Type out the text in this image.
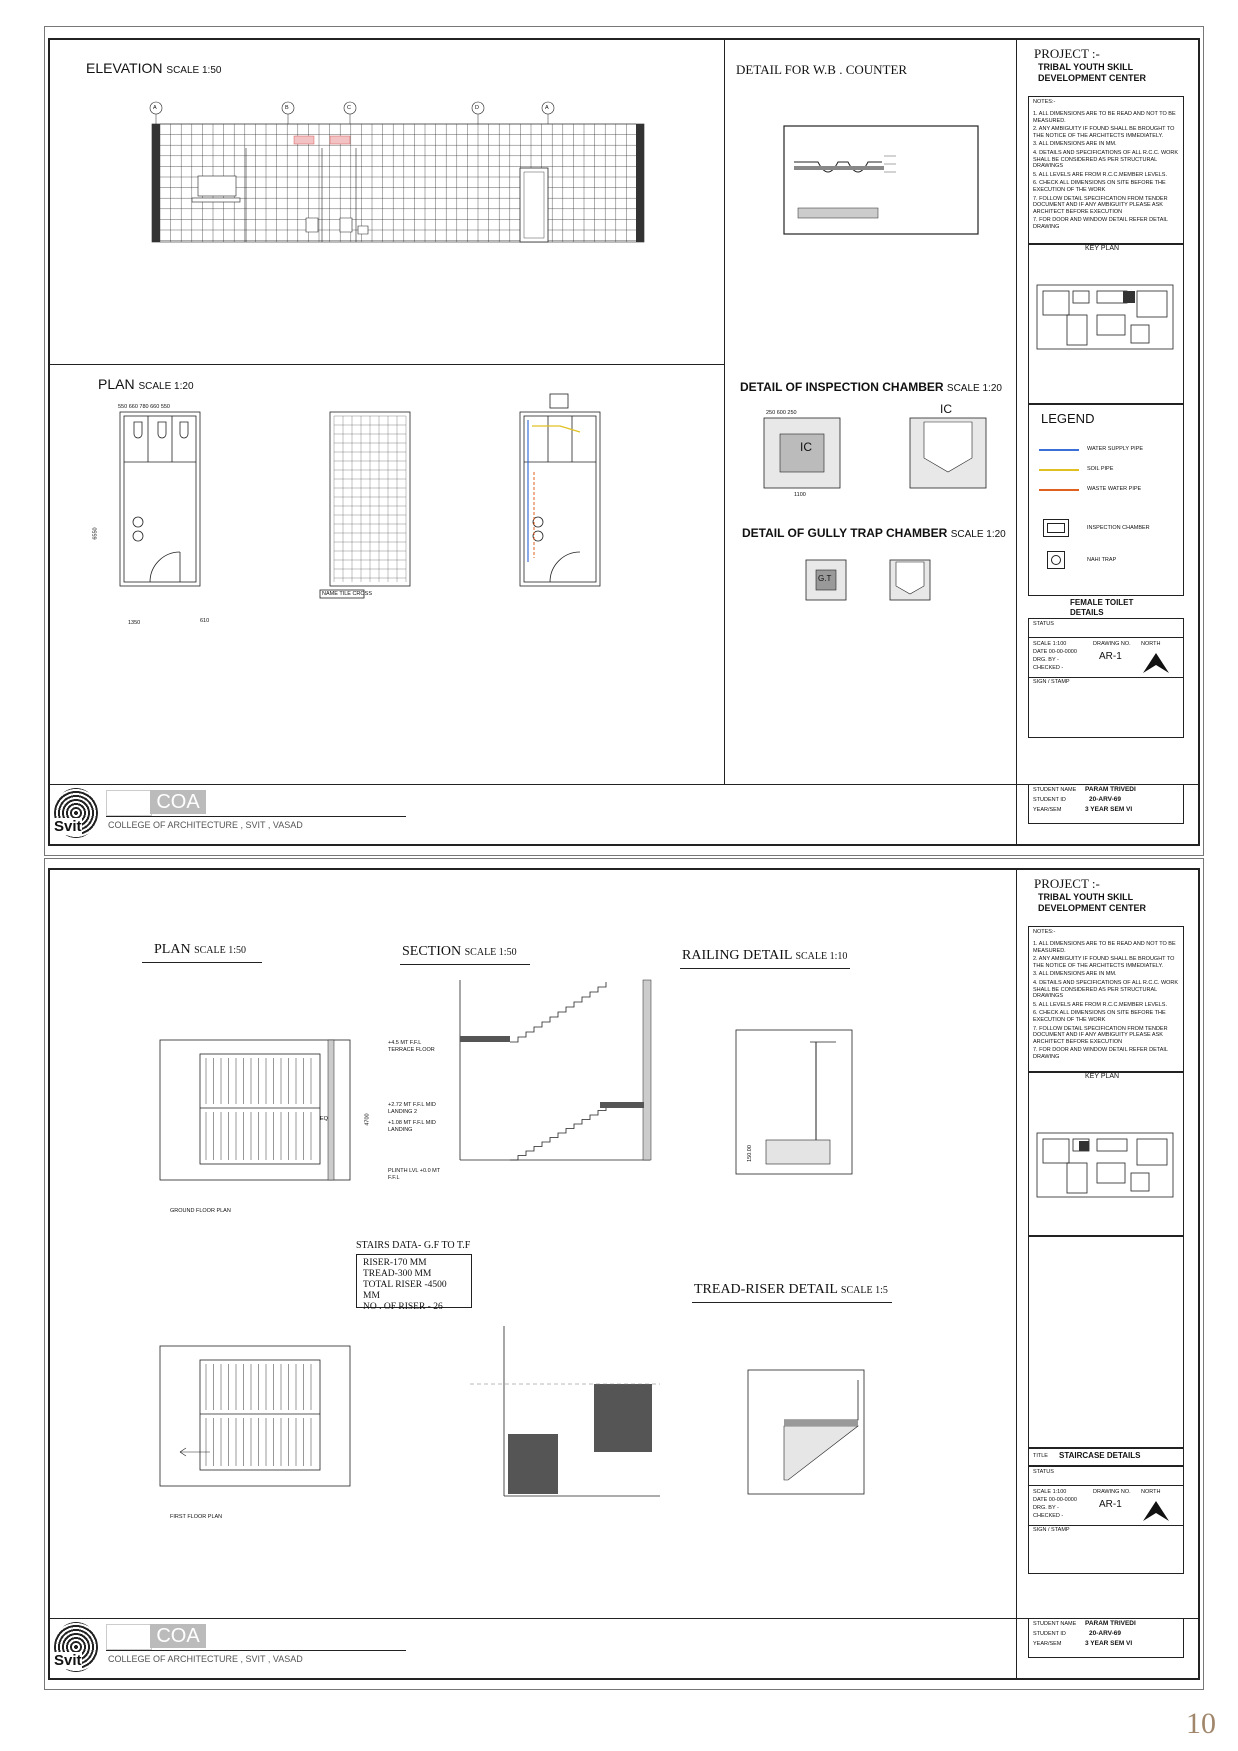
ELEVATION SCALE 1:50
A	B	C	D	A
PLAN SCALE 1:20
550 660 780 660 550
6550
1350	610
NAME TILE CROSS
DETAIL FOR W.B . COUNTER
DETAIL OF INSPECTION CHAMBER SCALE 1:20
250 600 250
IC
IC
1100
DETAIL OF GULLY TRAP CHAMBER SCALE 1:20
G.T
PROJECT :-
TRIBAL YOUTH SKILL
DEVELOPMENT CENTER
NOTES:-
1. ALL DIMENSIONS ARE TO BE READ AND NOT TO BE MEASURED.
2. ANY AMBIGUITY IF FOUND SHALL BE BROUGHT TO THE NOTICE OF THE ARCHITECTS IMMEDIATELY.
3. ALL DIMENSIONS ARE IN MM.
4. DETAILS AND SPECIFICATIONS OF ALL R.C.C. WORK SHALL BE CONSIDERED AS PER STRUCTURAL DRAWINGS
5. ALL LEVELS ARE FROM R.C.C.MEMBER LEVELS.
6. CHECK ALL DIMENSIONS ON SITE BEFORE THE EXECUTION OF THE WORK
7. FOLLOW DETAIL SPECIFICATION FROM TENDER DOCUMENT AND IF ANY AMBIGUITY PLEASE ASK ARCHITECT BEFORE EXECUTION
7. FOR DOOR AND WINDOW DETAIL REFER DETAIL DRAWING
KEY PLAN
LEGEND
WATER SUPPLY PIPE
SOIL PIPE
WASTE WATER PIPE
INSPECTION CHAMBER
NAHI TRAP
FEMALE TOILET
DETAILS
STATUS
SCALE 1:100
DATE 00-00-0000
DRG. BY -
CHECKED -
DRAWING NO.
AR-1
NORTH
SIGN / STAMP
STUDENT NAME PARAM TRIVEDI
STUDENT ID	20-ARV-69
YEAR/SEM	3 YEAR SEM VI
Svit
COA
COLLEGE OF ARCHITECTURE , SVIT , VASAD
PLAN SCALE 1:50
GROUND FLOOR PLAN
EQ	4700
FIRST FLOOR PLAN
SECTION SCALE 1:50
+4.5 MT F.F.L TERRACE FLOOR
+2.72 MT F.F.L MID LANDING 2
+1.08 MT F.F.L MID LANDING
PLINTH LVL +0.0 MT F.F.L
STAIRS DATA- G.F TO T.F
RISER-170 MM
TREAD-300 MM
TOTAL RISER -4500 MM
NO . OF RISER - 26
RAILING DETAIL SCALE 1:10
150.00
TREAD-RISER DETAIL SCALE 1:5
PROJECT :-
TRIBAL YOUTH SKILL
DEVELOPMENT CENTER
NOTES:-
1. ALL DIMENSIONS ARE TO BE READ AND NOT TO BE MEASURED.
2. ANY AMBIGUITY IF FOUND SHALL BE BROUGHT TO THE NOTICE OF THE ARCHITECTS IMMEDIATELY.
3. ALL DIMENSIONS ARE IN MM.
4. DETAILS AND SPECIFICATIONS OF ALL R.C.C. WORK SHALL BE CONSIDERED AS PER STRUCTURAL DRAWINGS
5. ALL LEVELS ARE FROM R.C.C.MEMBER LEVELS.
6. CHECK ALL DIMENSIONS ON SITE BEFORE THE EXECUTION OF THE WORK
7. FOLLOW DETAIL SPECIFICATION FROM TENDER DOCUMENT AND IF ANY AMBIGUITY PLEASE ASK ARCHITECT BEFORE EXECUTION
7. FOR DOOR AND WINDOW DETAIL REFER DETAIL DRAWING
KEY PLAN
TITLE STAIRCASE DETAILS
STATUS
SCALE 1:100
DATE 00-00-0000
DRG. BY -
CHECKED -
DRAWING NO.
AR-1
NORTH
SIGN / STAMP
STUDENT NAME PARAM TRIVEDI
STUDENT ID	20-ARV-69
YEAR/SEM	3 YEAR SEM VI
Svit
COA
COLLEGE OF ARCHITECTURE , SVIT , VASAD
10
